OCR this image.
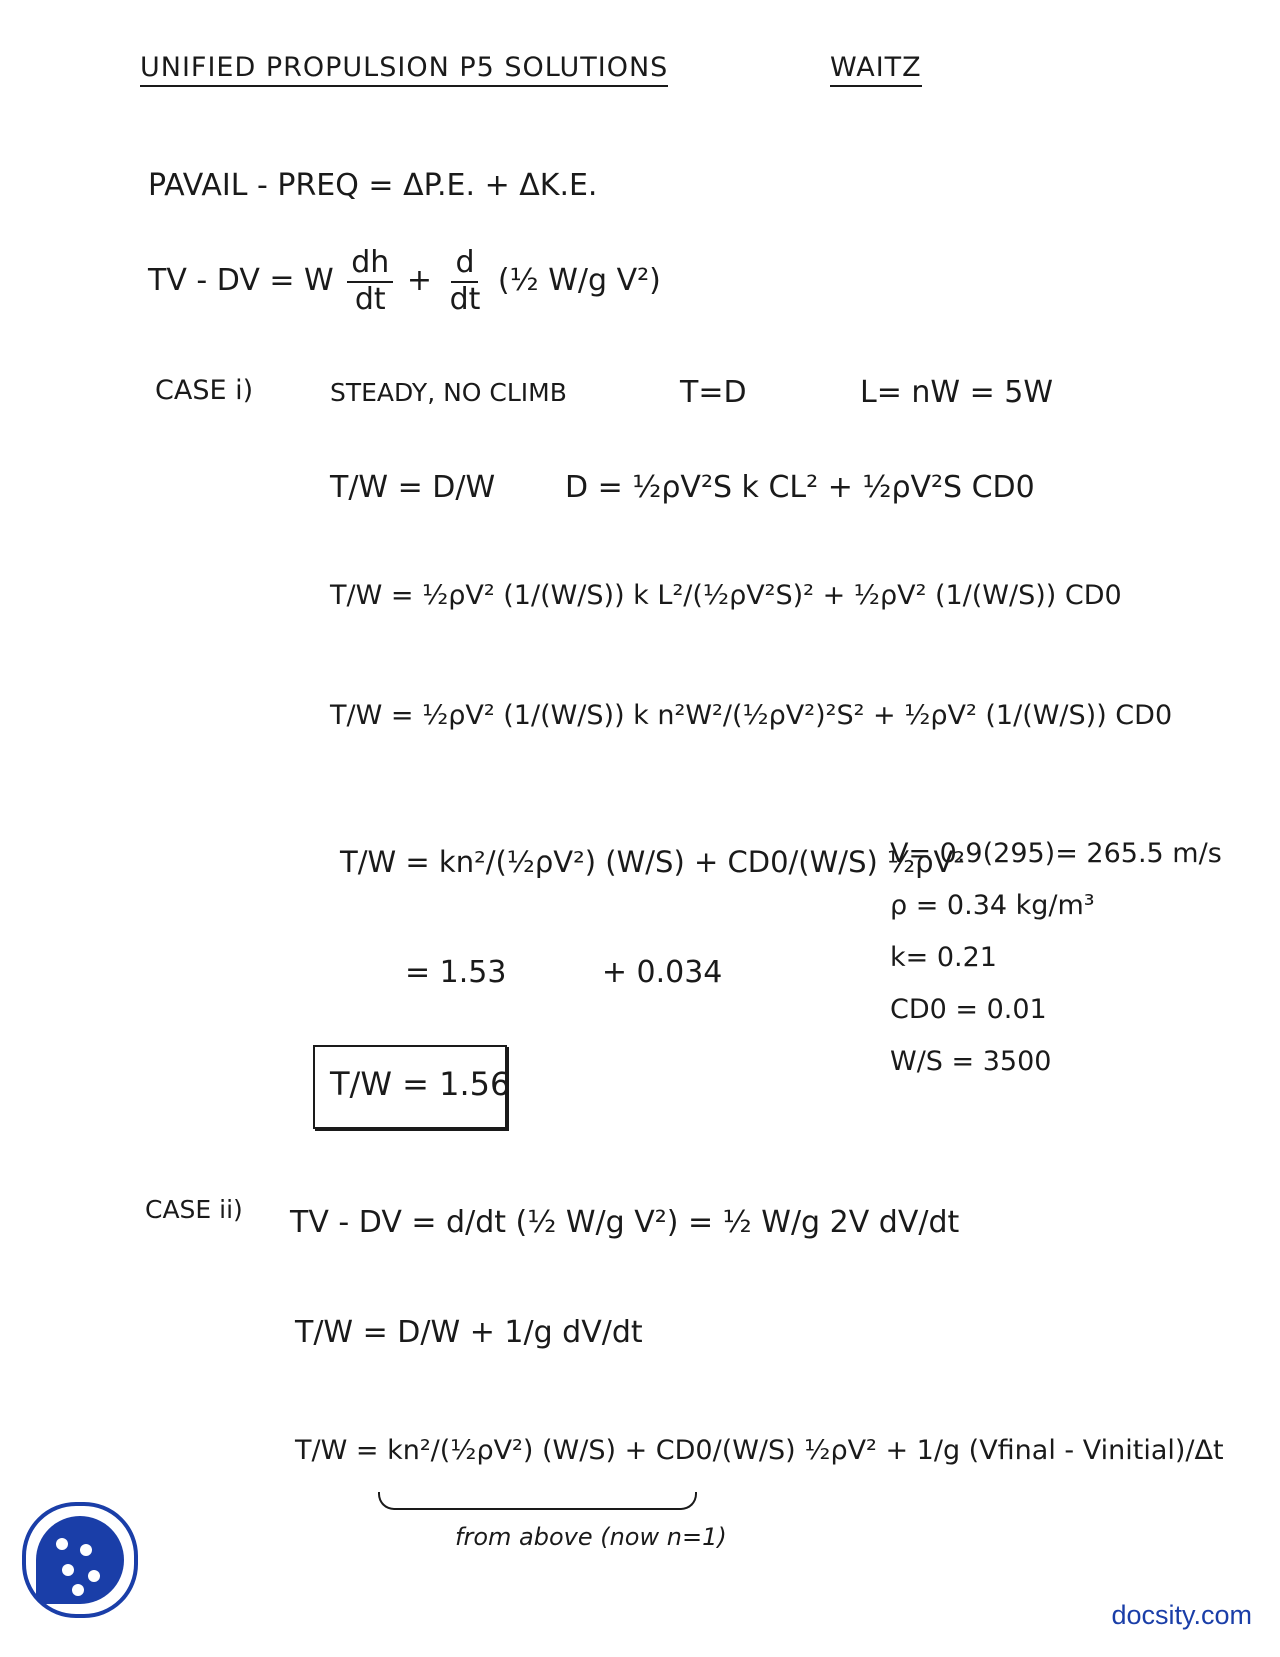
UNIFIED PROPULSION P5 SOLUTIONS	WAITZ
PAVAIL - PREQ = ΔP.E. + ΔK.E.
TV - DV = W $\frac{dh}{dt} + \frac{d}{dt}$ (½ W/g V²)
CASE i)	STEADY, NO CLIMB	T=D	L= nW = 5W
T/W = D/W D = ½ρV²S k CL² + ½ρV²S CD0
T/W = ½ρV² (1/(W/S)) k L²/(½ρV²S)² + ½ρV² (1/(W/S)) CD0
T/W = ½ρV² (1/(W/S)) k n²W²/(½ρV²)²S² + ½ρV² (1/(W/S)) CD0
T/W = kn²/(½ρV²) (W/S) + CD0/(W/S) ½ρV²
= 1.53          + 0.034
T/W = 1.56
V= 0.9(295)= 265.5 m/s
ρ = 0.34 kg/m³
k= 0.21
CD0 = 0.01
W/S = 3500
CASE ii) TV - DV = d/dt (½ W/g V²) = ½ W/g 2V dV/dt
T/W = D/W + 1/g dV/dt
T/W = kn²/(½ρV²) (W/S) + CD0/(W/S) ½ρV² + 1/g (Vfinal - Vinitial)/Δt
from above (now n=1)
docsity.com
